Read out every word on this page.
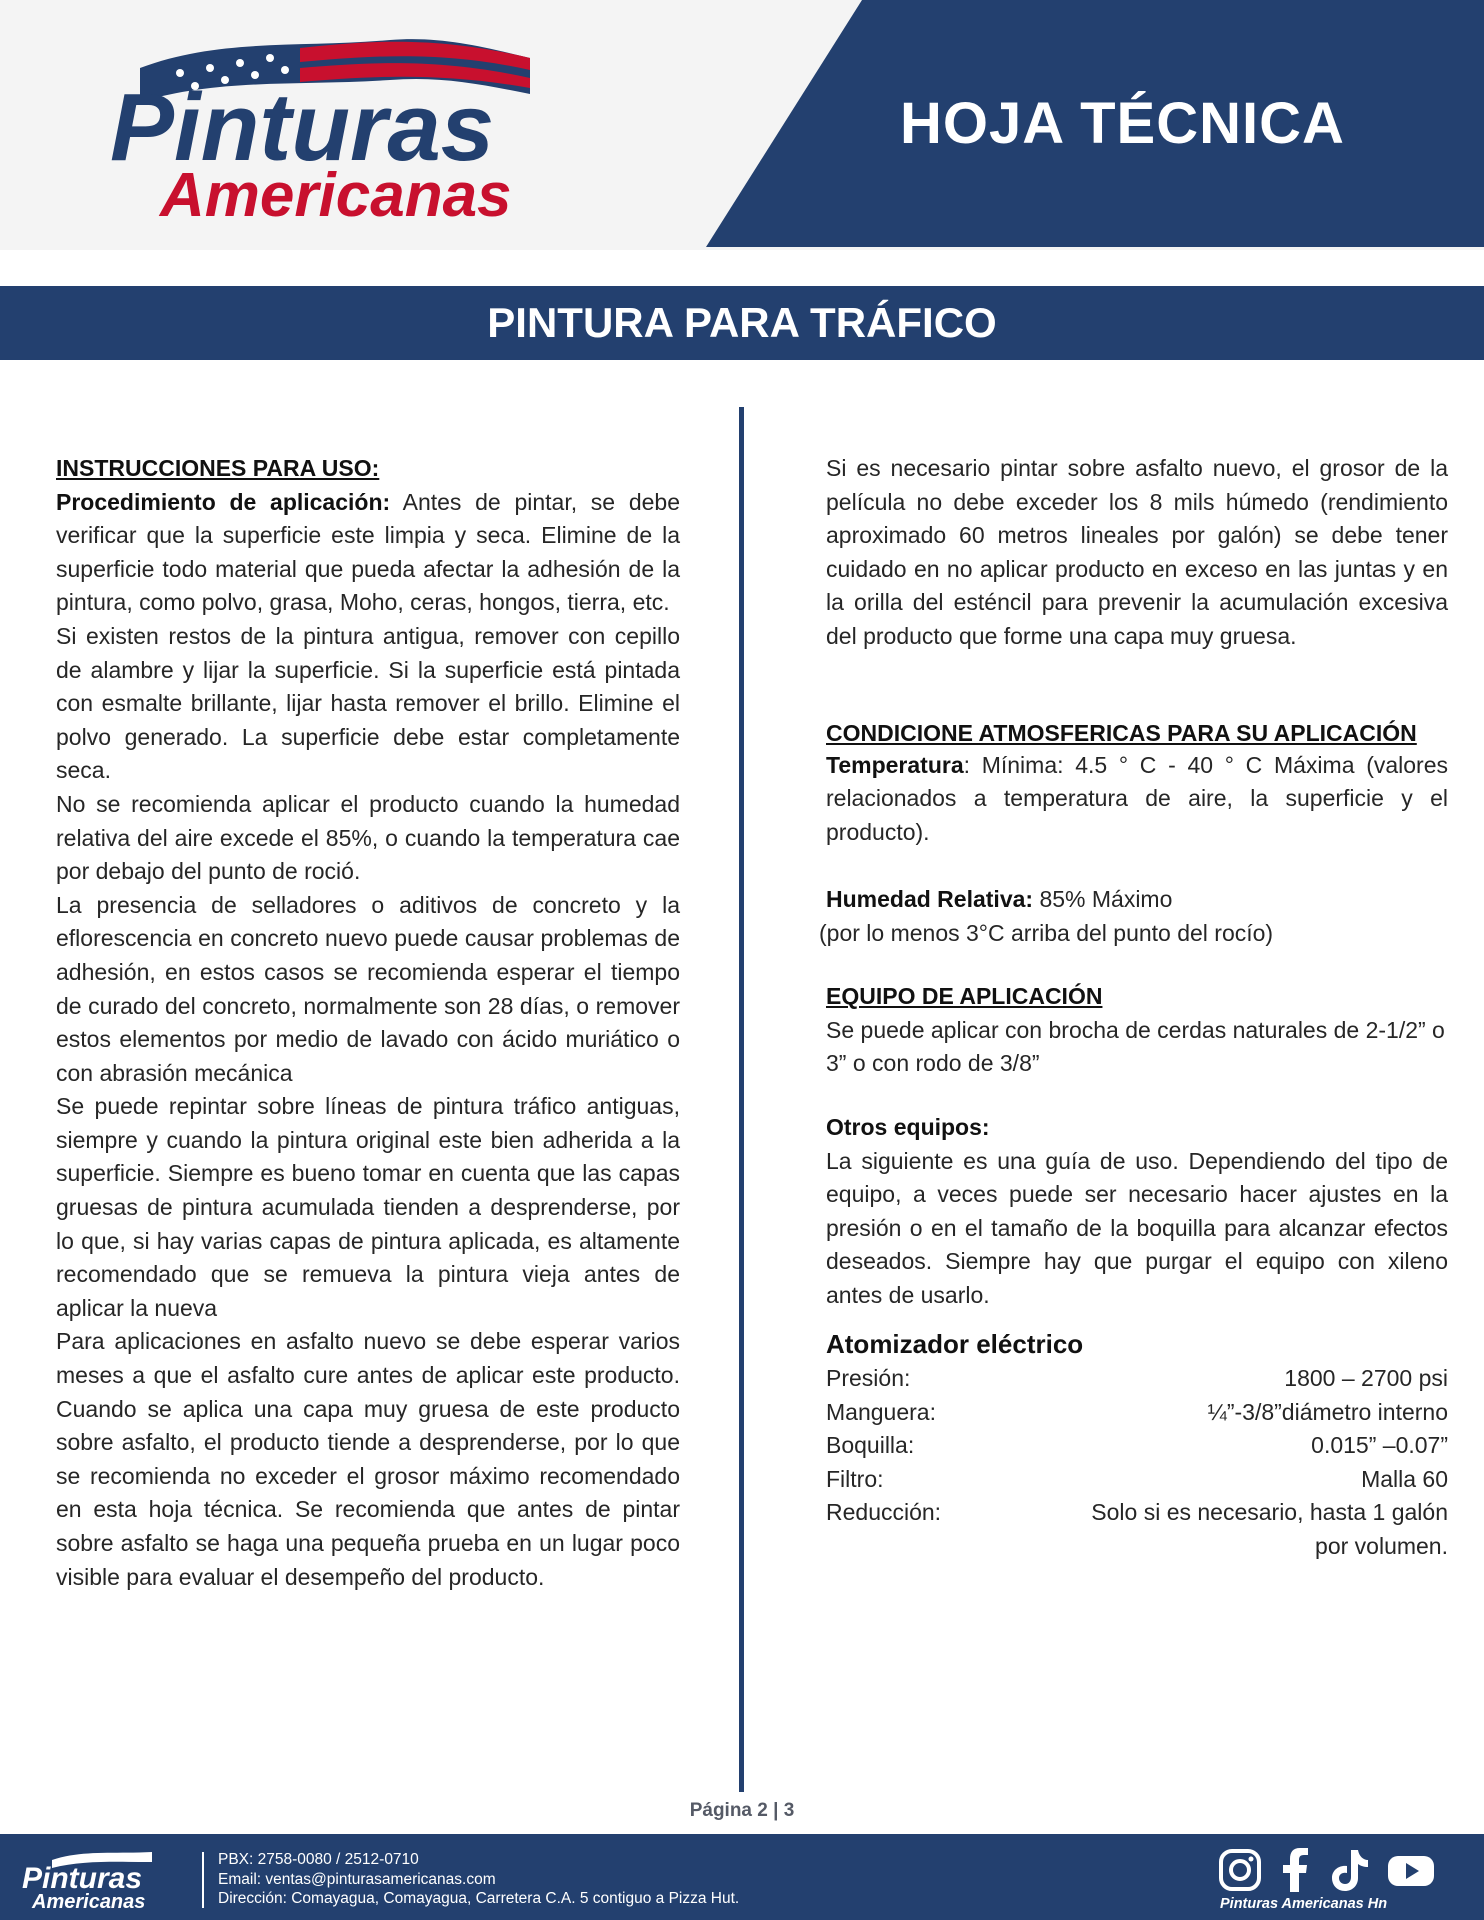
Pinturas
Americanas
HOJA TÉCNICA
PINTURA PARA TRÁFICO
INSTRUCCIONES PARA USO:

Procedimiento de aplicación: Antes de pintar, se debe verificar que la superficie este limpia y seca. Elimine de la superficie todo material que pueda afectar la adhesión de la pintura, como polvo, grasa, Moho, ceras, hongos, tierra, etc.

Si existen restos de la pintura antigua, remover con cepillo de alambre y lijar la superficie. Si la superficie está pintada con esmalte brillante, lijar hasta remover el brillo. Elimine el polvo generado. La superficie debe estar completamente seca.

No se recomienda aplicar el producto cuando la humedad relativa del aire excede el 85%, o cuando la temperatura cae por debajo del punto de roció.

La presencia de selladores o aditivos de concreto y la eflorescencia en concreto nuevo puede causar problemas de adhesión, en estos casos se recomienda esperar el tiempo de curado del concreto, normalmente son 28 días, o remover estos elementos por medio de lavado con ácido muriático o con abrasión mecánica

Se puede repintar sobre líneas de pintura tráfico antiguas, siempre y cuando la pintura original este bien adherida a la superficie. Siempre es bueno tomar en cuenta que las capas gruesas de pintura acumulada tienden a desprenderse, por lo que, si hay varias capas de pintura aplicada, es altamente recomendado que se remueva la pintura vieja antes de aplicar la nueva

Para aplicaciones en asfalto nuevo se debe esperar varios meses a que el asfalto cure antes de aplicar este producto. Cuando se aplica una capa muy gruesa de este producto sobre asfalto, el producto tiende a desprenderse, por lo que se recomienda no exceder el grosor máximo recomendado en esta hoja técnica. Se recomienda que antes de pintar sobre asfalto se haga una pequeña prueba en un lugar poco visible para evaluar el desempeño del producto.

Si es necesario pintar sobre asfalto nuevo, el grosor de la película no debe exceder los 8 mils húmedo (rendimiento aproximado 60 metros lineales por galón) se debe tener cuidado en no aplicar producto en exceso en las juntas y en la orilla del esténcil para prevenir la acumulación excesiva del producto que forme una capa muy gruesa.

CONDICIONE ATMOSFERICAS PARA SU APLICACIÓN

Temperatura: Mínima: 4.5 ° C - 40 ° C Máxima (valores relacionados a temperatura de aire, la superficie y el producto).

Humedad Relativa: 85% Máximo

(por lo menos 3°C arriba del punto del rocío)

EQUIPO DE APLICACIÓN

Se puede aplicar con brocha de cerdas naturales de 2-1/2” o 3” o con rodo de 3/8”

Otros equipos:

La siguiente es una guía de uso. Dependiendo del tipo de equipo, a veces puede ser necesario hacer ajustes en la presión o en el tamaño de la boquilla para alcanzar efectos deseados. Siempre hay que purgar el equipo con xileno antes de usarlo.

Atomizador eléctrico
Presión:	1800 – 2700 psi
Manguera:	¼”-3/8”diámetro interno
Boquilla:	0.015” –0.07”
Filtro:	Malla 60
Reducción:	Solo si es necesario, hasta 1 galón
por volumen.
Página 2 | 3
Pinturas
Americanas
PBX: 2758-0080 / 2512-0710
Email: ventas@pinturasamericanas.com
Dirección: Comayagua, Comayagua, Carretera C.A. 5 contiguo a Pizza Hut.
	Pinturas Americanas Hn
